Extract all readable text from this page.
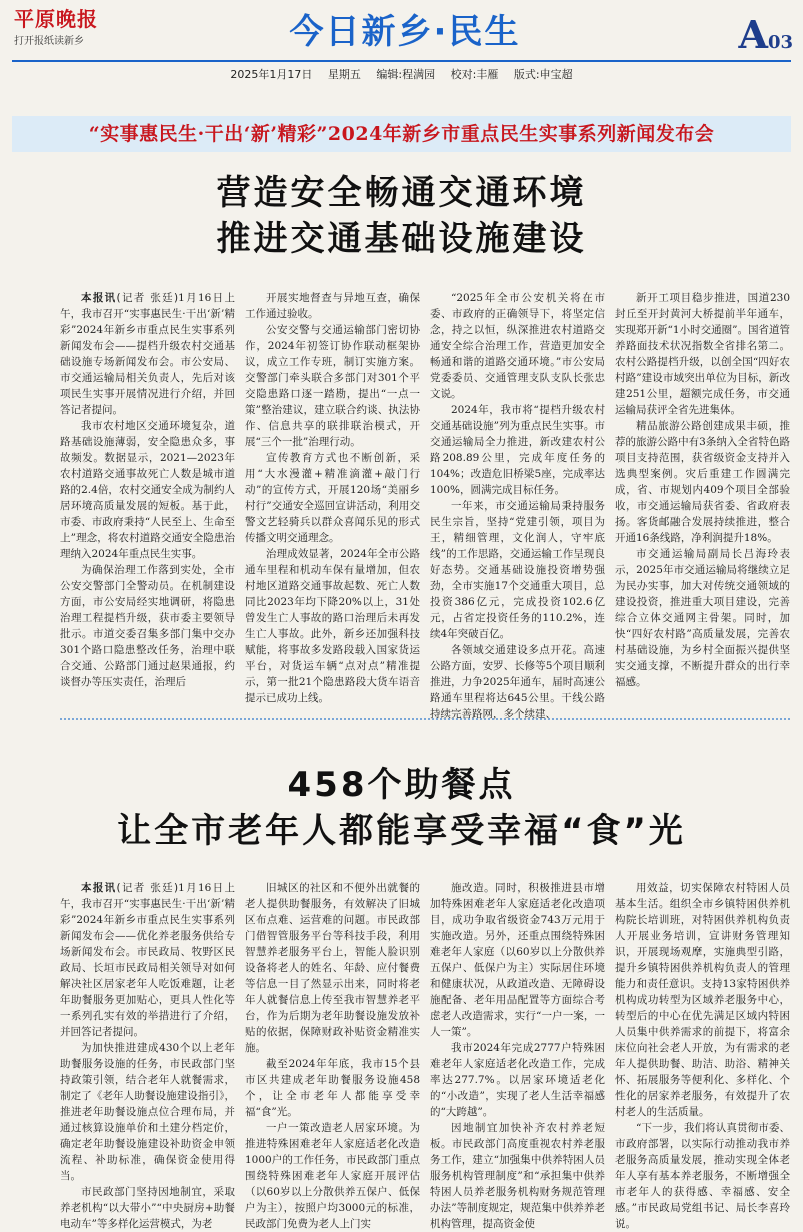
平原晚报
打开报纸读新乡	今日新乡·民生	A03
2025年1月17日 星期五 编辑:程满园 校对:丰雁 版式:申宝超
“实事惠民生·干出‘新’精彩”2024年新乡市重点民生实事系列新闻发布会
营造安全畅通交通环境
推进交通基础设施建设

本报讯(记者 张廷)1月16日上午，我市召开“实事惠民生·干出‘新’精彩”2024年新乡市重点民生实事系列新闻发布会——提档升级农村交通基础设施专场新闻发布会。市公安局、市交通运输局相关负责人，先后对该项民生实事开展情况进行介绍，并回答记者提问。

我市农村地区交通环境复杂，道路基础设施薄弱，安全隐患众多，事故频发。数据显示，2021—2023年农村道路交通事故死亡人数是城市道路的2.4倍，农村交通安全成为制约人居环境高质量发展的短板。基于此，市委、市政府秉持“人民至上、生命至上”理念，将农村道路交通安全隐患治理纳入2024年重点民生实事。

为确保治理工作落到实处，全市公安交警部门全警动员。在机制建设方面，市公安局经实地调研，将隐患治理工程提档升级，获市委主要领导批示。市道交委召集多部门集中交办301个路口隐患整改任务，治理中联合交通、公路部门通过赵果通报，约谈督办等压实责任，治理后

开展实地督查与异地互查，确保工作通过验收。

公安交警与交通运输部门密切协作，2024年初签订协作联动框架协议，成立工作专班，制订实施方案。交警部门牵头联合多部门对301个平交隐患路口逐一踏勘，提出“一点一策”整治建议，建立联合约谈、执法协作、信息共享的联排联治模式，开展“三个一批”治理行动。

宣传教育方式也不断创新，采用“大水漫灌+精准滴灌+敲门行动”的宣传方式，开展120场“美丽乡村行”交通安全巡回宣讲活动，利用交警文艺轻骑兵以群众喜闻乐见的形式传播文明交通理念。

治理成效显著，2024年全市公路通车里程和机动车保有量增加，但农村地区道路交通事故起数、死亡人数同比2023年均下降20%以上，31处曾发生亡人事故的路口治理后未再发生亡人事故。此外，新乡还加强科技赋能，将事故多发路段载入国家货运平台，对货运车辆“点对点”精准提示，第一批21个隐患路段大货车语音提示已成功上线。

“2025年全市公安机关将在市委、市政府的正确领导下，将坚定信念，持之以恒，纵深推进农村道路交通安全综合治理工作，营造更加安全畅通和谐的道路交通环境。”市公安局党委委员、交通管理支队支队长张忠文说。

2024年，我市将“提档升级农村交通基础设施”列为重点民生实事。市交通运输局全力推进，新改建农村公路208.89公里，完成年度任务的104%；改造危旧桥梁5座，完成率达100%，圆满完成目标任务。

一年来，市交通运输局秉持服务民生宗旨，坚持“党建引领，项目为王，精细管理，文化润人，守牢底线”的工作思路，交通运输工作呈现良好态势。交通基础设施投资增势强劲，全市实施17个交通重大项目，总投资386亿元，完成投资102.6亿元，占省定投资任务的110.2%，连续4年突破百亿。

各领域交通建设多点开花。高速公路方面，安罗、长修等5个项目顺利推进，力争2025年通车，届时高速公路通车里程将达645公里。干线公路持续完善路网，多个续建、

新开工项目稳步推进，国道230封丘至开封黄河大桥提前半年通车，实现郑开新“1小时交通圈”。国省道管养路面技术状况指数全省排名第二。农村公路提档升级，以创全国“四好农村路”建设市域突出单位为目标，新改建251公里，超额完成任务，市交通运输局获评全省先进集体。

精品旅游公路创建成果丰硕，推荐的旅游公路中有3条纳入全省特色路项目支持范围，获省级资金支持并入选典型案例。灾后重建工作圆满完成，省、市规划内409个项目全部验收，市交通运输局获省委、省政府表扬。客货邮融合发展持续推进，整合开通16条线路，净利润提升18%。

市交通运输局副局长吕海玲表示，2025年市交通运输局将继续立足为民办实事，加大对传统交通领域的建设投资，推进重大项目建设，完善综合立体交通网主骨架。同时，加快“四好农村路”高质量发展，完善农村基础设施，为乡村全面振兴提供坚实交通支撑，不断提升群众的出行幸福感。

458个助餐点
让全市老年人都能享受幸福“食”光

本报讯(记者 张廷)1月16日上午，我市召开“实事惠民生·干出‘新’精彩”2024年新乡市重点民生实事系列新闻发布会——优化养老服务供给专场新闻发布会。市民政局、牧野区民政局、长垣市民政局相关领导对如何解决社区居家老年人吃饭难题，让老年助餐服务更加贴心，更具人性化等一系列孔实有效的举措进行了介绍，并回答记者提问。

为加快推进建成430个以上老年助餐服务设施的任务，市民政部门坚持政策引领，结合老年人就餐需求，制定了《老年人助餐设施建设指引》，推进老年助餐设施点位合理布局，并通过核算设施单价和土建分档定价，确定老年助餐设施建设补助资金申领流程、补助标准，确保资金使用得当。

市民政部门坚持因地制宜，采取养老机构“以大带小”“中央厨房+助餐电动车”等多样化运营模式，为老

旧城区的社区和不便外出就餐的老人提供助餐服务，有效解决了旧城区布点难、运营难的问题。市民政部门借智管服务平台等科技手段，利用智慧养老服务平台上，智能人脸识别设备将老人的姓名、年龄、应付餐费等信息一目了然显示出来，同时将老年人就餐信息上传至我市智慧养老平台，作为后期为老年助餐设施发放补贴的依据，保障财政补贴资金精准实施。

截至2024年年底，我市15个县市区共建成老年助餐服务设施458个，让全市老年人都能享受幸福“食”光。

一户一策改造老人居家环境。为推进特殊困难老年人家庭适老化改造1000户的工作任务，市民政部门重点围绕特殊困难老年人家庭开展评估（以60岁以上分散供养五保户、低保户为主），按照户均3000元的标准，民政部门免费为老人上门实

施改造。同时，积极推进县市增加特殊困难老年人家庭适老化改造项目，成功争取省级资金743万元用于实施改造。另外，还重点围绕特殊困难老年人家庭（以60岁以上分散供养五保户、低保户为主）实际居住环境和健康状况，从政道改造、无障碍设施配备、老年用品配置等方面综合考虑老人改造需求，实行“一户一案，一人一策”。

我市2024年完成2777户特殊困难老年人家庭适老化改造工作，完成率达277.7%。以居家环境适老化的“小改造”，实现了老人生活幸福感的“大跨越”。

因地制宜加快补齐农村养老短板。市民政部门高度重视农村养老服务工作，建立“加强集中供养特困人员服务机构管理制度”和“承担集中供养特困人员养老服务机构财务规范管理办法”等制度规定，规范集中供养养老机构管理，提高资金使

用效益，切实保障农村特困人员基本生活。组织全市乡镇特困供养机构院长培训班，对特困供养机构负责人开展业务培训，宣讲财务管理知识，开展现场观摩，实施典型引路，提升乡镇特困供养机构负责人的管理能力和责任意识。支持13家特困供养机构成功转型为区域养老服务中心，转型后的中心在优先满足区域内特困人员集中供养需求的前提下，将富余床位向社会老人开放，为有需求的老年人提供助餐、助洁、助浴、精神关怀、拓展服务等便利化、多样化、个性化的居家养老服务，有效提升了农村老人的生活质量。

“下一步，我们将认真贯彻市委、市政府部署，以实际行动推动我市养老服务高质量发展，推动实现全体老年人享有基本养老服务，不断增强全市老年人的获得感、幸福感、安全感。”市民政局党组书记、局长李喜玲说。
